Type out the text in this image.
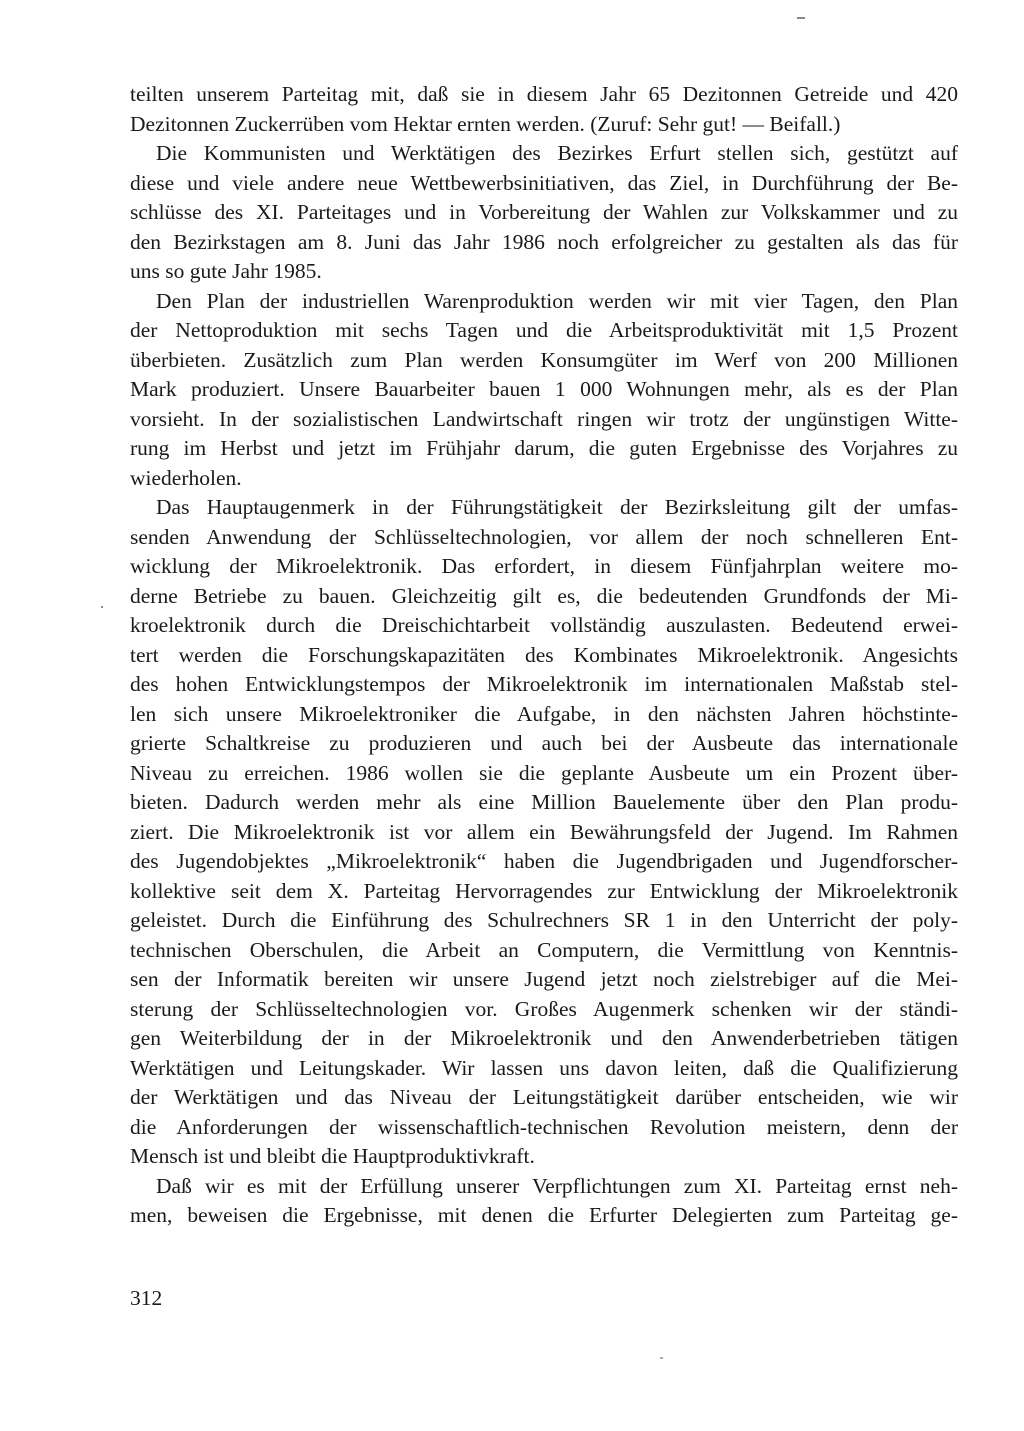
teilten unserem Parteitag mit, daß sie in diesem Jahr 65 Dezitonnen Getreide und 420
Dezitonnen Zuckerrüben vom Hektar ernten werden. (Zuruf: Sehr gut! — Beifall.)
Die Kommunisten und Werktätigen des Bezirkes Erfurt stellen sich, gestützt auf
diese und viele andere neue Wettbewerbsinitiativen, das Ziel, in Durchführung der Be-
schlüsse des XI. Parteitages und in Vorbereitung der Wahlen zur Volkskammer und zu
den Bezirkstagen am 8. Juni das Jahr 1986 noch erfolgreicher zu gestalten als das für
uns so gute Jahr 1985.
Den Plan der industriellen Warenproduktion werden wir mit vier Tagen, den Plan
der Nettoproduktion mit sechs Tagen und die Arbeitsproduktivität mit 1,5 Prozent
überbieten. Zusätzlich zum Plan werden Konsumgüter im Werf von 200 Millionen
Mark produziert. Unsere Bauarbeiter bauen 1 000 Wohnungen mehr, als es der Plan
vorsieht. In der sozialistischen Landwirtschaft ringen wir trotz der ungünstigen Witte-
rung im Herbst und jetzt im Frühjahr darum, die guten Ergebnisse des Vorjahres zu
wiederholen.
Das Hauptaugenmerk in der Führungstätigkeit der Bezirksleitung gilt der umfas-
senden Anwendung der Schlüsseltechnologien, vor allem der noch schnelleren Ent-
wicklung der Mikroelektronik. Das erfordert, in diesem Fünfjahrplan weitere mo-
derne Betriebe zu bauen. Gleichzeitig gilt es, die bedeutenden Grundfonds der Mi-
kroelektronik durch die Dreischichtarbeit vollständig auszulasten. Bedeutend erwei-
tert werden die Forschungskapazitäten des Kombinates Mikroelektronik. Angesichts
des hohen Entwicklungstempos der Mikroelektronik im internationalen Maßstab stel-
len sich unsere Mikroelektroniker die Aufgabe, in den nächsten Jahren höchstinte-
grierte Schaltkreise zu produzieren und auch bei der Ausbeute das internationale
Niveau zu erreichen. 1986 wollen sie die geplante Ausbeute um ein Prozent über-
bieten. Dadurch werden mehr als eine Million Bauelemente über den Plan produ-
ziert. Die Mikroelektronik ist vor allem ein Bewährungsfeld der Jugend. Im Rahmen
des Jugendobjektes „Mikroelektronik“ haben die Jugendbrigaden und Jugendforscher-
kollektive seit dem X. Parteitag Hervorragendes zur Entwicklung der Mikroelektronik
geleistet. Durch die Einführung des Schulrechners SR 1 in den Unterricht der poly-
technischen Oberschulen, die Arbeit an Computern, die Vermittlung von Kenntnis-
sen der Informatik bereiten wir unsere Jugend jetzt noch zielstrebiger auf die Mei-
sterung der Schlüsseltechnologien vor. Großes Augenmerk schenken wir der ständi-
gen Weiterbildung der in der Mikroelektronik und den Anwenderbetrieben tätigen
Werktätigen und Leitungskader. Wir lassen uns davon leiten, daß die Qualifizierung
der Werktätigen und das Niveau der Leitungstätigkeit darüber entscheiden, wie wir
die Anforderungen der wissenschaftlich-technischen Revolution meistern, denn der
Mensch ist und bleibt die Hauptproduktivkraft.
Daß wir es mit der Erfüllung unserer Verpflichtungen zum XI. Parteitag ernst neh-
men, beweisen die Ergebnisse, mit denen die Erfurter Delegierten zum Parteitag ge-
312
